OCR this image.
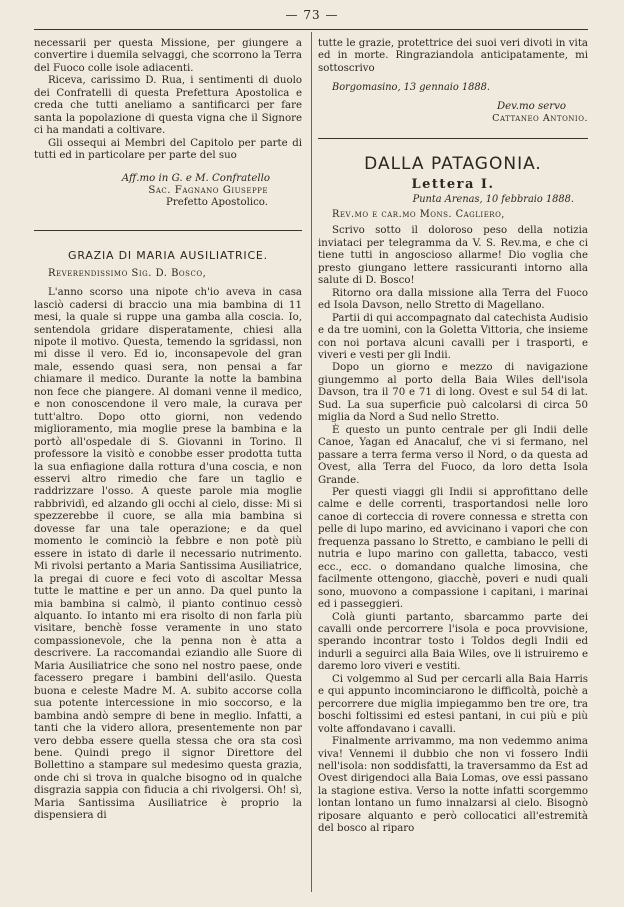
— 73 —

necessarii per questa Missione, per giungere a convertire i duemila selvaggi, che scorrono la Terra del Fuoco colle isole adiacenti.

Riceva, carissimo D. Rua, i sentimenti di duolo dei Confratelli di questa Prefettura Apostolica e creda che tutti aneliamo a santificarci per fare santa la popolazione di questa vigna che il Signore ci ha mandati a coltivare.

Gli ossequi ai Membri del Capitolo per parte di tutti ed in particolare per parte del suo

Aff.mo in G. e M. Confratello

Sac. Fagnano Giuseppe

Prefetto Apostolico.

GRAZIA DI MARIA AUSILIATRICE.

Reverendissimo Sig. D. Bosco,

L'anno scorso una nipote ch'io aveva in casa lasciò cadersi di braccio una mia bambina di 11 mesi, la quale si ruppe una gamba alla coscia. Io, sentendola gridare disperatamente, chiesi alla nipote il motivo. Questa, temendo la sgridassi, non mi disse il vero. Ed io, inconsapevole del gran male, essendo quasi sera, non pensai a far chiamare il medico. Durante la notte la bambina non fece che piangere. Al domani venne il medico, e non conoscendone il vero male, la curava per tutt'altro. Dopo otto giorni, non vedendo miglioramento, mia moglie prese la bambina e la portò all'ospedale di S. Giovanni in Torino. Il professore la visitò e conobbe esser prodotta tutta la sua enfiagione dalla rottura d'una coscia, e non esservi altro rimedio che fare un taglio e raddrizzare l'osso. A queste parole mia moglie rabbrividì, ed alzando gli occhi al cielo, disse: Mi si spezzerebbe il cuore, se alla mia bambina si dovesse far una tale operazione; e da quel momento le cominciò la febbre e non potè più essere in istato di darle il necessario nutrimento. Mi rivolsi pertanto a Maria Santissima Ausiliatrice, la pregai di cuore e feci voto di ascoltar Messa tutte le mattine e per un anno. Da quel punto la mia bambina si calmò, il pianto continuo cessò alquanto. Io intanto mi era risolto di non farla più visitare, benchè fosse veramente in uno stato compassionevole, che la penna non è atta a descrivere. La raccomandai eziandio alle Suore di Maria Ausiliatrice che sono nel nostro paese, onde facessero pregare i bambini dell'asilo. Questa buona e celeste Madre M. A. subito accorse colla sua potente intercessione in mio soccorso, e la bambina andò sempre di bene in meglio. Infatti, a tanti che la videro allora, presentemente non par vero debba essere quella stessa che ora sta così bene. Quindi prego il signor Direttore del Bollettino a stampare sul medesimo questa grazia, onde chi si trova in qualche bisogno od in qualche disgrazia sappia con fiducia a chi rivolgersi. Oh! sì, Maria Santissima Ausiliatrice è proprio la dispensiera di

tutte le grazie, protettrice dei suoi veri divoti in vita ed in morte. Ringraziandola anticipatamente, mi sottoscrivo

Borgomasino, 13 gennaio 1888.

Dev.mo servo

Cattaneo Antonio.

DALLA PATAGONIA.

Lettera I.

Punta Arenas, 10 febbraio 1888.

Rev.mo e car.mo Mons. Cagliero,

Scrivo sotto il doloroso peso della notizia inviataci per telegramma da V. S. Rev.ma, e che ci tiene tutti in angoscioso allarme! Dio voglia che presto giungano lettere rassicuranti intorno alla salute di D. Bosco!

Ritorno ora dalla missione alla Terra del Fuoco ed Isola Davson, nello Stretto di Magellano.

Partii di qui accompagnato dal catechista Audisio e da tre uomini, con la Goletta Vittoria, che insieme con noi portava alcuni cavalli per i trasporti, e viveri e vesti per gli Indii.

Dopo un giorno e mezzo di navigazione giungemmo al porto della Baia Wiles dell'isola Davson, tra il 70 e 71 di long. Ovest e sul 54 di lat. Sud. La sua superficie può calcolarsi di circa 50 miglia da Nord a Sud nello Stretto.

È questo un punto centrale per gli Indii delle Canoe, Yagan ed Anacaluf, che vi si fermano, nel passare a terra ferma verso il Nord, o da questa ad Ovest, alla Terra del Fuoco, da loro detta Isola Grande.

Per questi viaggi gli Indii si approfittano delle calme e delle correnti, trasportandosi nelle loro canoe di corteccia di rovere connessa e stretta con pelle di lupo marino, ed avvicinano i vapori che con frequenza passano lo Stretto, e cambiano le pelli di nutria e lupo marino con galletta, tabacco, vesti ecc., ecc. o domandano qualche limosina, che facilmente ottengono, giacchè, poveri e nudi quali sono, muovono a compassione i capitani, i marinai ed i passeggieri.

Colà giunti partanto, sbarcammo parte dei cavalli onde percorrere l'isola e poca provvisione, sperando incontrar tosto i Toldos degli Indii ed indurli a seguirci alla Baia Wiles, ove li istruiremo e daremo loro viveri e vestiti.

Ci volgemmo al Sud per cercarli alla Baia Harris e qui appunto incominciarono le difficoltà, poichè a percorrere due miglia impiegammo ben tre ore, tra boschi foltissimi ed estesi pantani, in cui più e più volte affondavano i cavalli.

Finalmente arrivammo, ma non vedemmo anima viva! Vennemi il dubbio che non vi fossero Indii nell'isola: non soddisfatti, la traversammo da Est ad Ovest dirigendoci alla Baia Lomas, ove essi passano la stagione estiva. Verso la notte infatti scorgemmo lontan lontano un fumo innalzarsi al cielo. Bisognò riposare alquanto e però collocatici all'estremità del bosco al riparo
